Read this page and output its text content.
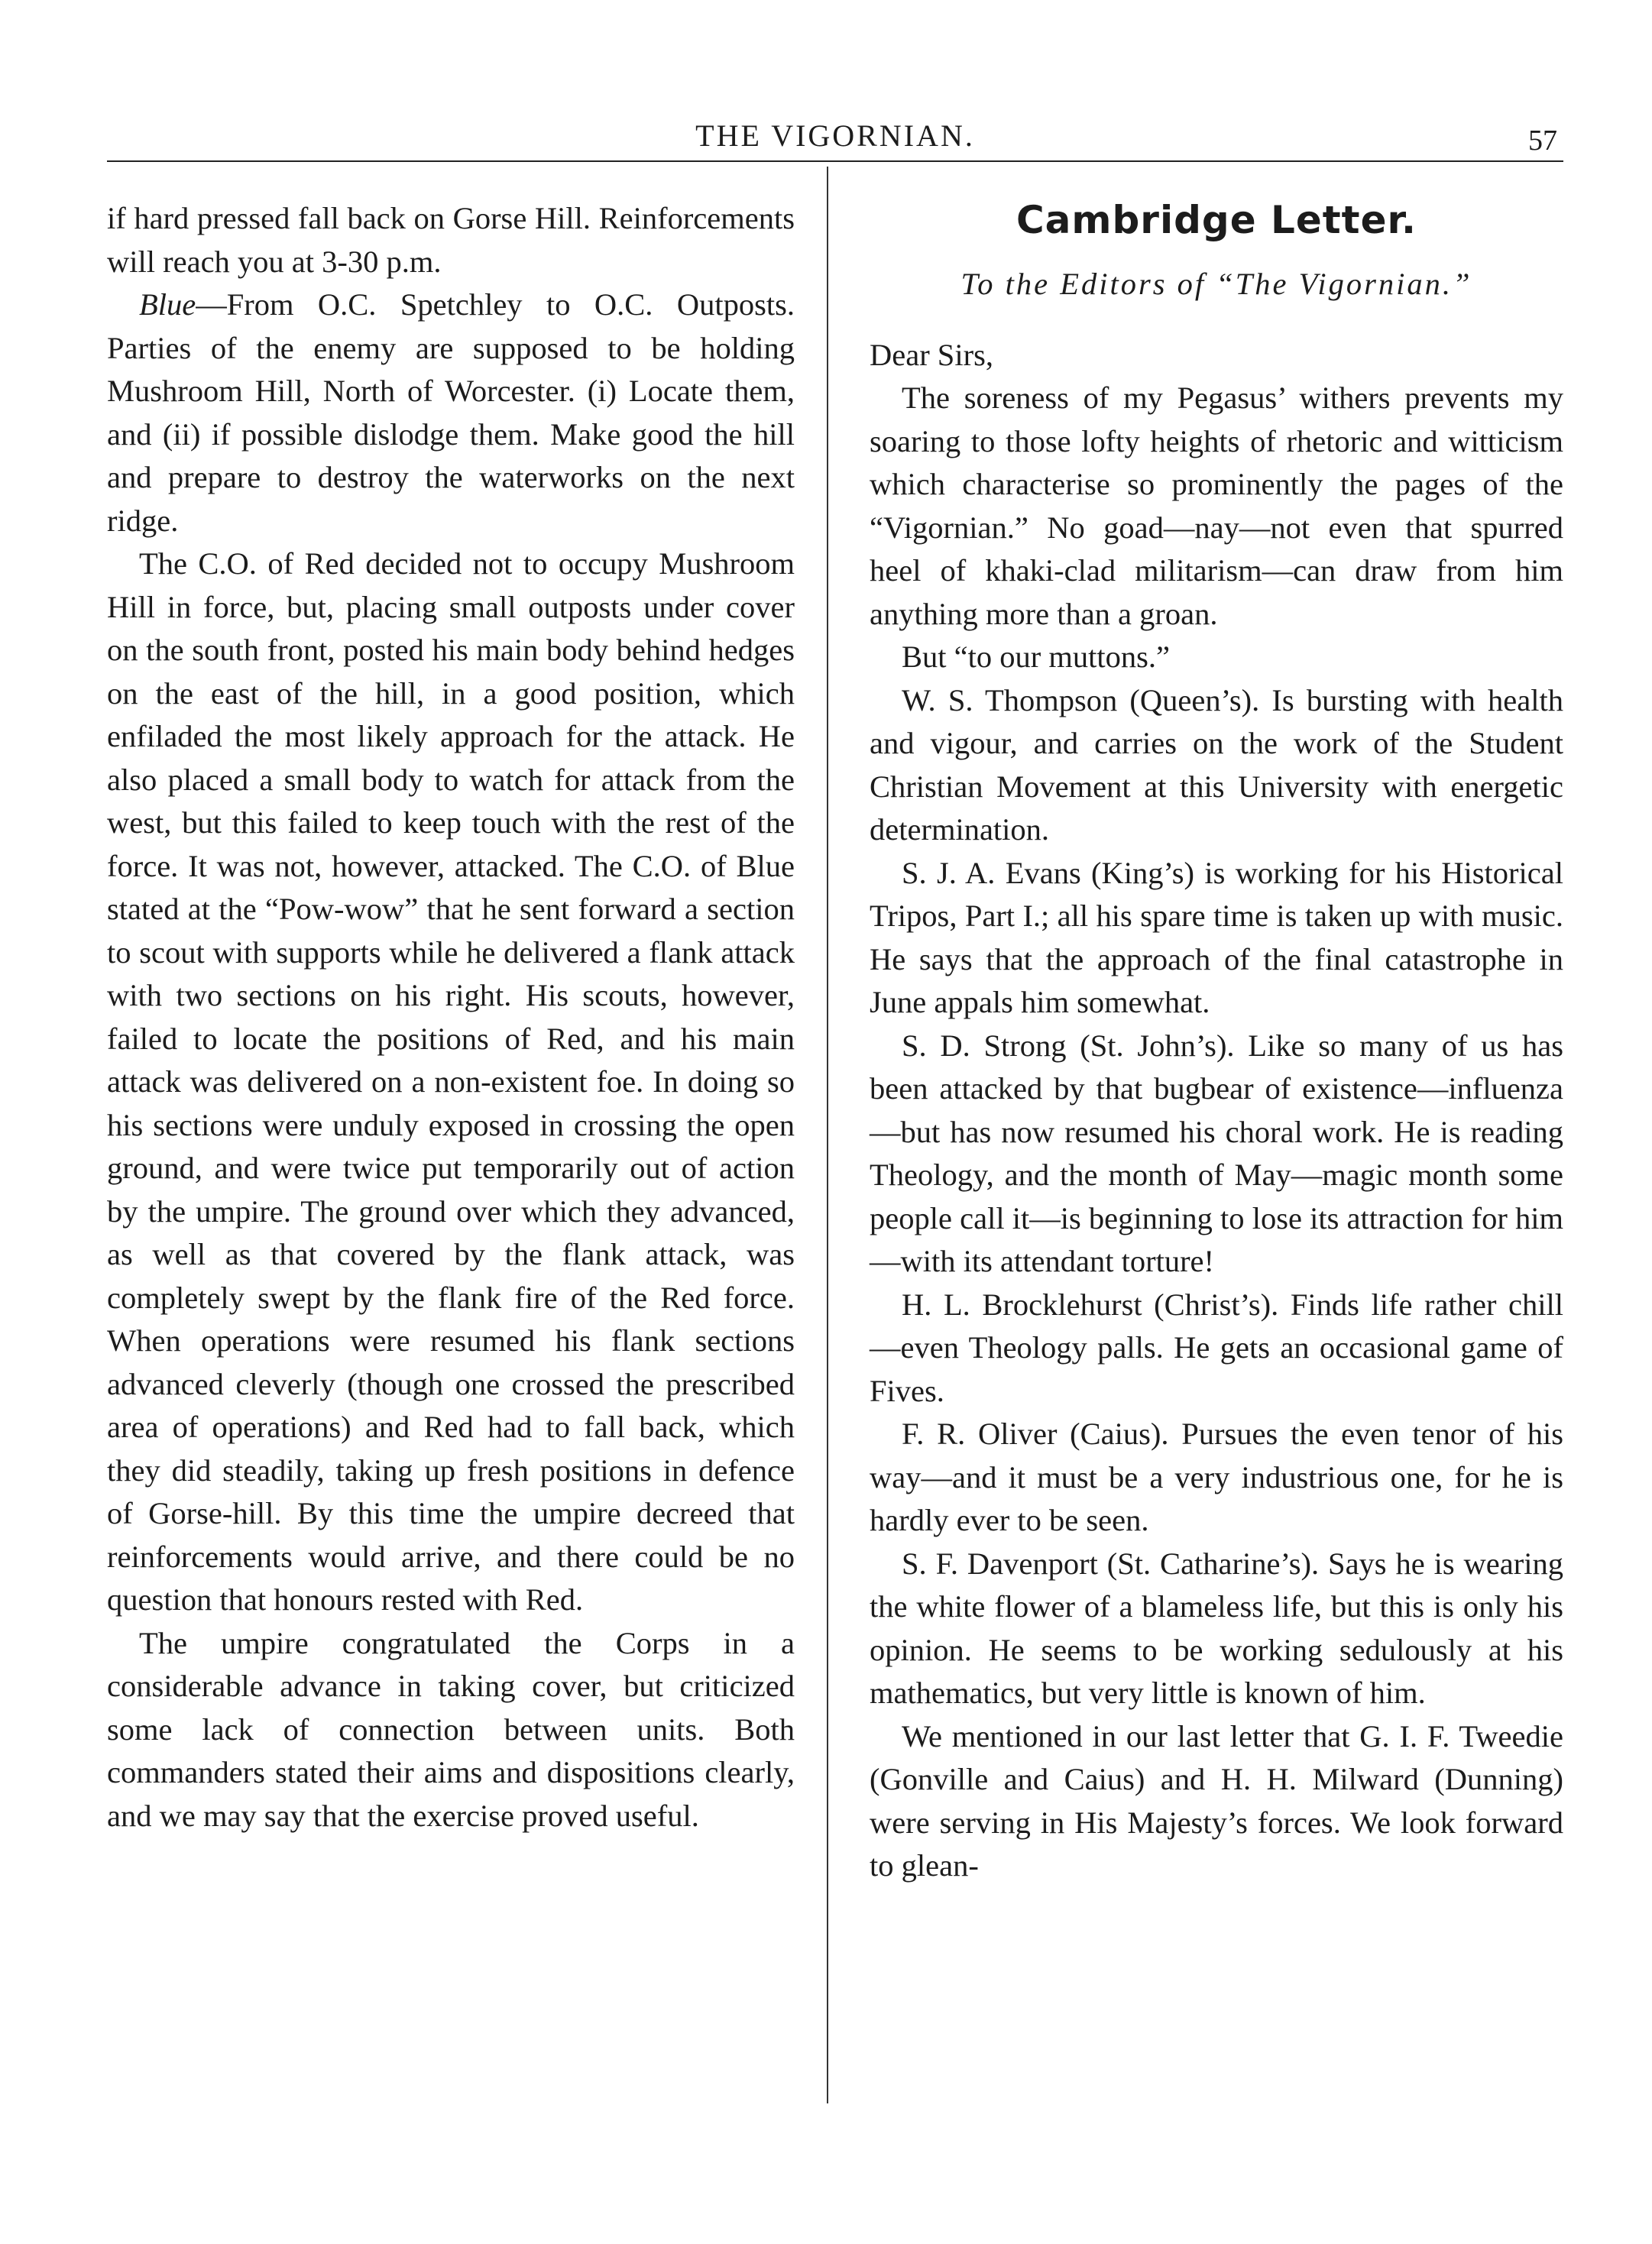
THE VIGORNIAN.	57

if hard pressed fall back on Gorse Hill. Reinforcements will reach you at 3-30 p.m.

Blue—From O.C. Spetchley to O.C. Outposts. Parties of the enemy are supposed to be holding Mushroom Hill, North of Worcester. (i) Locate them, and (ii) if possible dislodge them. Make good the hill and prepare to destroy the waterworks on the next ridge.

The C.O. of Red decided not to occupy Mushroom Hill in force, but, placing small outposts under cover on the south front, posted his main body behind hedges on the east of the hill, in a good position, which enfiladed the most likely approach for the attack. He also placed a small body to watch for attack from the west, but this failed to keep touch with the rest of the force. It was not, however, attacked. The C.O. of Blue stated at the “Pow-wow” that he sent forward a section to scout with supports while he delivered a flank attack with two sections on his right. His scouts, however, failed to locate the positions of Red, and his main attack was delivered on a non-existent foe. In doing so his sections were unduly exposed in crossing the open ground, and were twice put temporarily out of action by the umpire. The ground over which they advanced, as well as that covered by the flank attack, was completely swept by the flank fire of the Red force. When operations were resumed his flank sections advanced cleverly (though one crossed the prescribed area of operations) and Red had to fall back, which they did steadily, taking up fresh positions in defence of Gorse-hill. By this time the umpire decreed that reinforcements would arrive, and there could be no question that honours rested with Red.

The umpire congratulated the Corps in a considerable advance in taking cover, but criticized some lack of connection between units. Both commanders stated their aims and dispositions clearly, and we may say that the exercise proved useful.

Cambridge Letter.
To the Editors of “The Vigornian.”

Dear Sirs,

The soreness of my Pegasus’ withers prevents my soaring to those lofty heights of rhetoric and witticism which characterise so prominently the pages of the “Vigornian.” No goad—nay—not even that spurred heel of khaki-clad militarism—can draw from him anything more than a groan.

But “to our muttons.”

W. S. Thompson (Queen’s). Is bursting with health and vigour, and carries on the work of the Student Christian Movement at this University with energetic determination.

S. J. A. Evans (King’s) is working for his Historical Tripos, Part I.; all his spare time is taken up with music. He says that the approach of the final catastrophe in June appals him somewhat.

S. D. Strong (St. John’s). Like so many of us has been attacked by that bugbear of existence—influenza—but has now resumed his choral work. He is reading Theology, and the month of May—magic month some people call it—is beginning to lose its attraction for him—with its attendant torture!

H. L. Brocklehurst (Christ’s). Finds life rather chill—even Theology palls. He gets an occasional game of Fives.

F. R. Oliver (Caius). Pursues the even tenor of his way—and it must be a very industrious one, for he is hardly ever to be seen.

S. F. Davenport (St. Catharine’s). Says he is wearing the white flower of a blameless life, but this is only his opinion. He seems to be working sedulously at his mathematics, but very little is known of him.

We mentioned in our last letter that G. I. F. Tweedie (Gonville and Caius) and H. H. Milward (Dunning) were serving in His Majesty’s forces. We look forward to glean-
